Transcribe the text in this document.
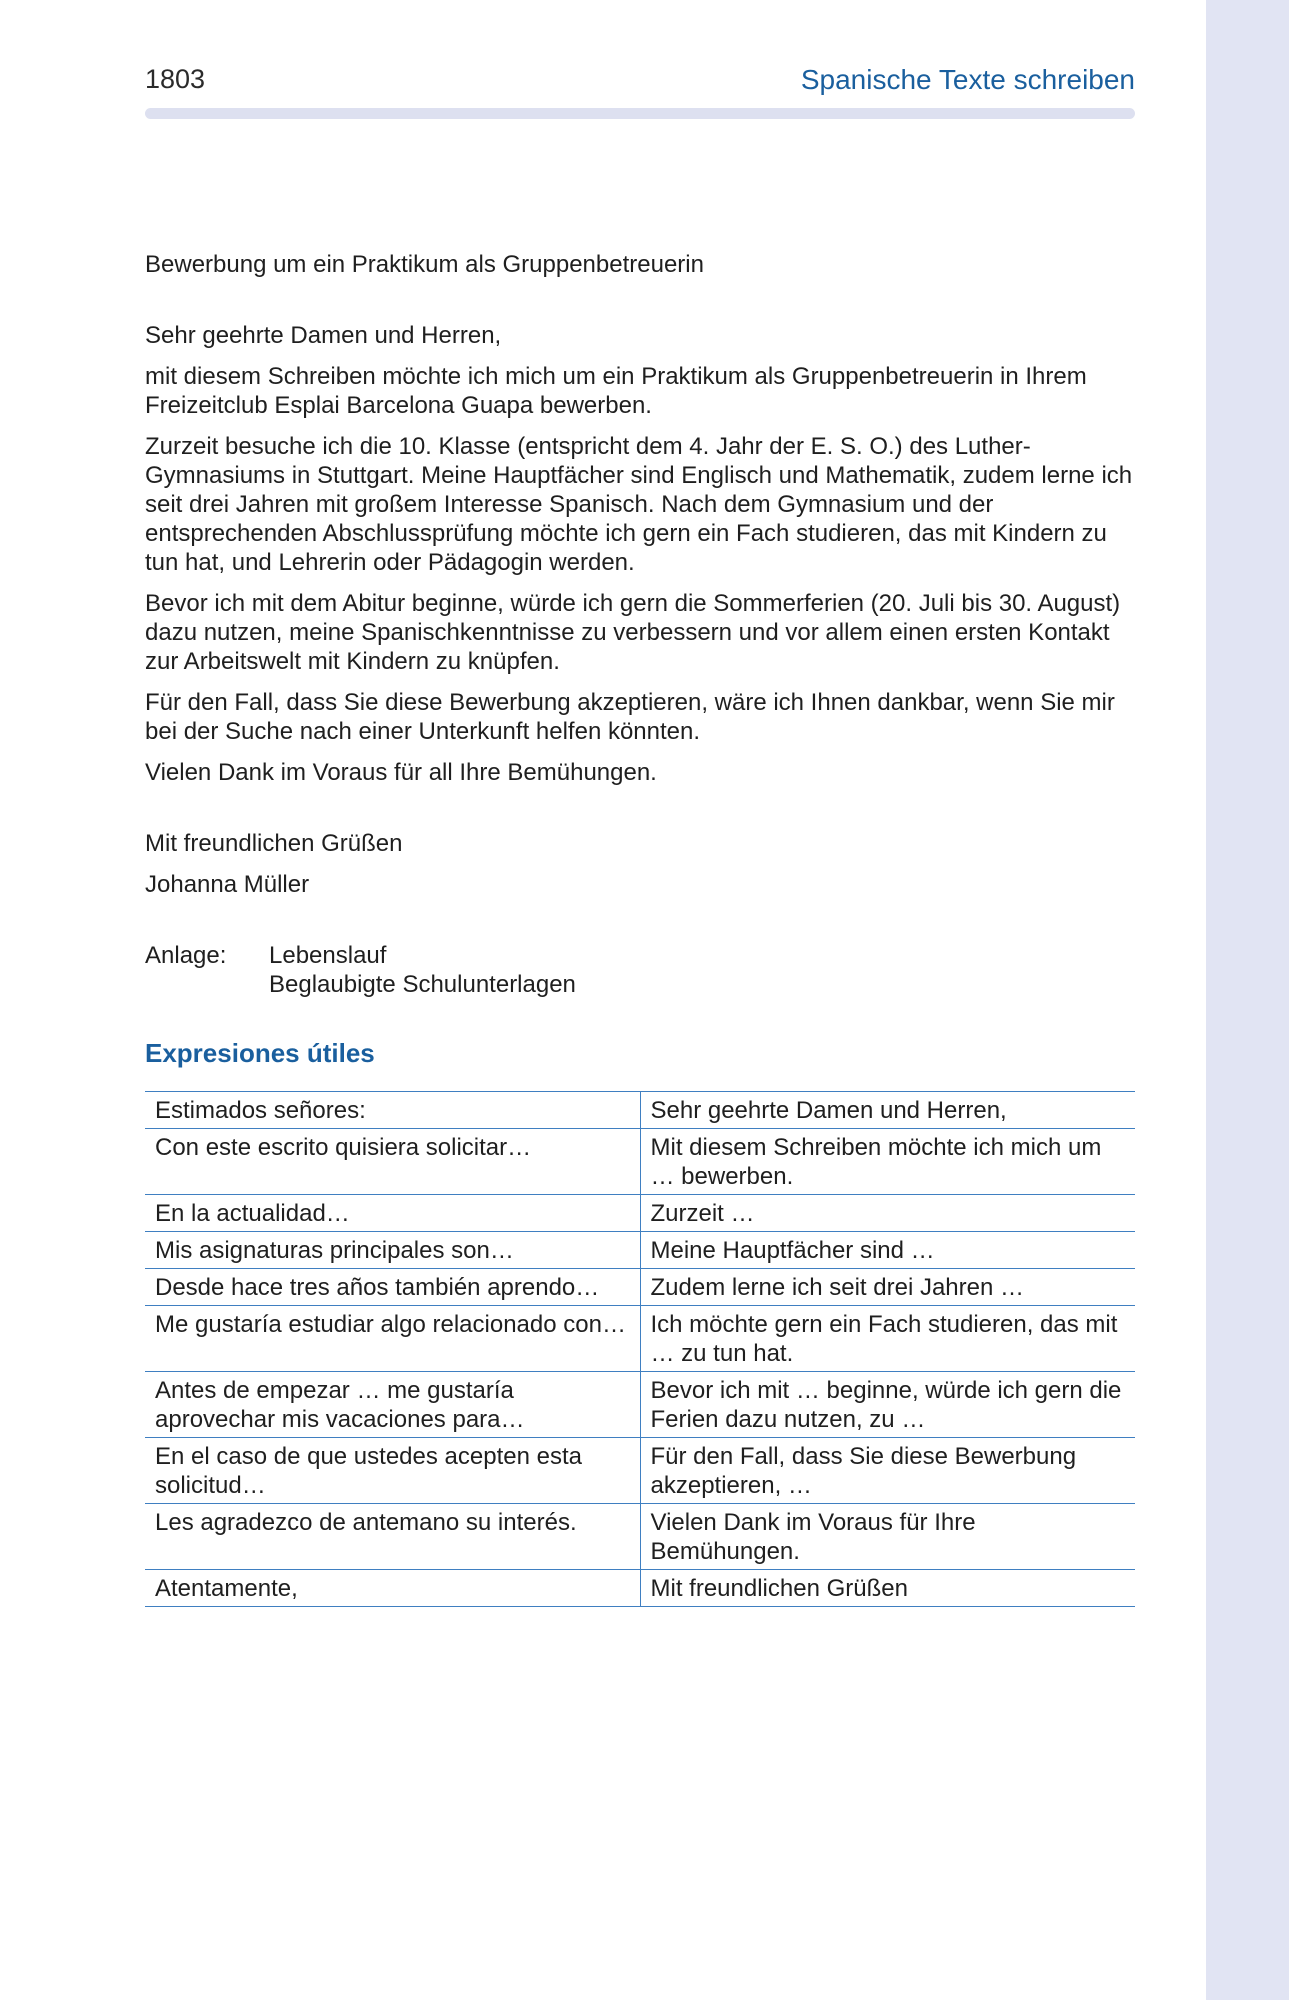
1803	Spanische Texte schreiben

Bewerbung um ein Praktikum als Gruppenbetreuerin

Sehr geehrte Damen und Herren,

mit diesem Schreiben möchte ich mich um ein Praktikum als Gruppenbetreuerin in Ihrem Freizeitclub Esplai Barcelona Guapa bewerben.

Zurzeit besuche ich die 10. Klasse (entspricht dem 4. Jahr der E. S. O.) des Luther-Gymnasiums in Stuttgart. Meine Hauptfächer sind Englisch und Mathematik, zudem lerne ich seit drei Jahren mit großem Interesse Spanisch. Nach dem Gymnasium und der entsprechenden Abschlussprüfung möchte ich gern ein Fach studieren, das mit Kindern zu tun hat, und Lehrerin oder Pädagogin werden.

Bevor ich mit dem Abitur beginne, würde ich gern die Sommerferien (20. Juli bis 30. August) dazu nutzen, meine Spanischkenntnisse zu verbessern und vor allem einen ersten Kontakt zur Arbeitswelt mit Kindern zu knüpfen.

Für den Fall, dass Sie diese Bewerbung akzeptieren, wäre ich Ihnen dankbar, wenn Sie mir bei der Suche nach einer Unterkunft helfen könnten.

Vielen Dank im Voraus für all Ihre Bemühungen.

Mit freundlichen Grüßen

Johanna Müller

Anlage:	Lebenslauf
Beglaubigte Schulunterlagen
Expresiones útiles
Estimados señores:	Sehr geehrte Damen und Herren,
Con este escrito quisiera solicitar…	Mit diesem Schreiben möchte ich mich um … bewerben.
En la actualidad…	Zurzeit …
Mis asignaturas principales son…	Meine Hauptfächer sind …
Desde hace tres años también aprendo…	Zudem lerne ich seit drei Jahren …
Me gustaría estudiar algo relacionado con…	Ich möchte gern ein Fach studieren, das mit … zu tun hat.
Antes de empezar … me gustaría aprovechar mis vacaciones para…	Bevor ich mit … beginne, würde ich gern die Ferien dazu nutzen, zu …
En el caso de que ustedes acepten esta solicitud…	Für den Fall, dass Sie diese Bewerbung akzeptieren, …
Les agradezco de antemano su interés.	Vielen Dank im Voraus für Ihre Bemühungen.
Atentamente,	Mit freundlichen Grüßen
